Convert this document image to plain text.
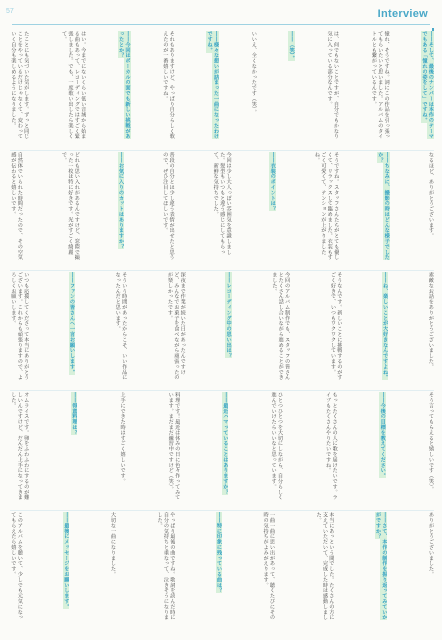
57	Interview
――そして、最後のナンバーは本作のテーマでもある「憧れの姿をして」ですね。
憧れ、そうですね。詞にこの作品を引っ張ってもらいたいと思いました。アルバムのタイトルとも繋がっているんです。
は、何でもないことですが、自分でもかなり気に入っている部分なんです。
――（笑）。
いいえ、全くなかったです（笑）。
――様々な想いが詰まった一曲になったわけですね。
それもありますけど、やっぱり自分らしく歌えたのが一番嬉しいですね。
――今回はボーカルの面でも新しい挑戦があったとか？
はい。今までにないくらい低い音域から始まる曲もあって、レコーディングではすごく緊張しました。でも、一度歌い出したら楽しくて。
たことにも気づいた気がします。ずっと同じことをやっているだけじゃなくて、変わっていく自分も楽しめるようになりました。
なるほど、ありがとうございます。
――ちなみに、撮影の時はどんな様子でしたか？
そうですね。スタッフさんたちがとても優しくて、リラックスして臨めました。衣装もすごく可愛くて、テンションが上がりましたね。
――衣装のポイントは？
今回は少し大人っぽい雰囲気を意識しました。髪型もいつもと違う感じにしてもらって、新鮮な気持ちでした。
普段の自分とは少し違う表情が出せたと思うので、ぜひ注目してほしいです。
――お気に入りのカットはありますか？
どれも思い入れがあるんですけど、窓際で撮った一枚は特に好きです。光がすごく綺麗で。
自然体でいられた時間だったので、その空気感が伝わると嬉しいです。
素敵なお話をありがとうございました。
――ね、楽しいことが大好きなんですよね。
そうなんです。新しいことに挑戦するのがすごく好きで、いつもワクワクしています。
今回のアルバム制作でも、スタッフの皆さんとたくさん話し合いながら進めることができました。
――レコーディング中の思い出は？
深夜まで作業が続いた日があったんですけど、みんなでお菓子を食べながら頑張ったのが楽しかったです。
そういう時間があったからこそ、いい作品になったんだと思います。
――ファンの皆さんへ一言お願いします。
いつも応援してくださって本当にありがとうございます。これからも頑張りますので、よろしくお願いします。
そう言ってもらえると嬉しいです（笑）。
――今後の目標を教えてください。
もっとたくさんの人に歌を届けたいです。ライブもたくさんやりたいですね。
ひとつひとつを大切にしながら、自分らしく進んでいけたらいいなと思っています。
――最近ハマっていることはありますか？
料理です！最近は休みの日に色々作ってみています。まだまだ練習中ですけど（笑）。
上手にできた時はすごく嬉しいです。
――得意料理は？
オムライスです。卵をふわふわにするのが難しいんですけど、だんだん上手になってきました。
ありがとうございました。
――さて、本作の制作を振り返ってみていかがですか？
本当にあっという間でした。たくさんの方に支えていただいて、完成した時は感動しました。
一曲一曲に思い出があって、聴くたびにその時の気持ちがよみがえります。
――特に印象に残っている曲は？
やっぱり最後の曲ですね。歌詞を読んだ時に自分の気持ちと重なって、泣きそうになりました。
大切な一曲になりました。
――最後にメッセージをお願いします。
このアルバムを聴いて、少しでも元気になってもらえたら嬉しいです。
